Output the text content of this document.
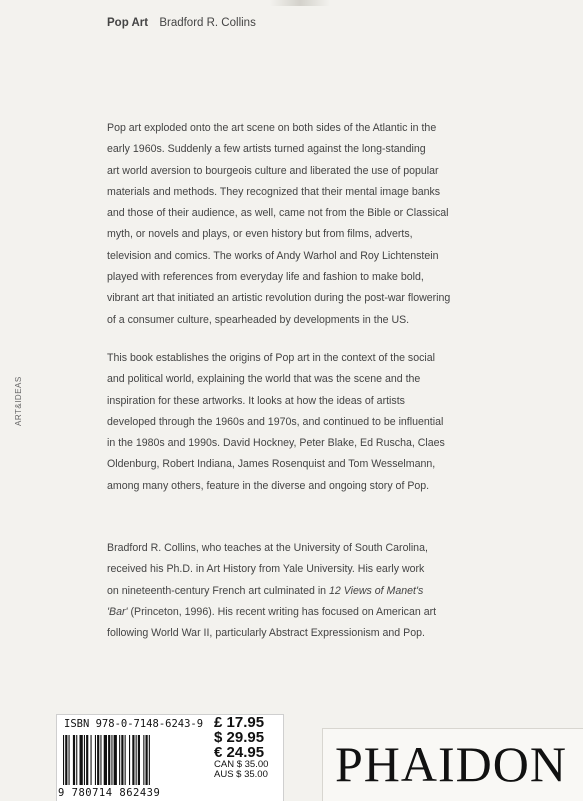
Pop Art Bradford R. Collins
ART&IDEAS
Pop art exploded onto the art scene on both sides of the Atlantic in the
early 1960s. Suddenly a few artists turned against the long-standing
art world aversion to bourgeois culture and liberated the use of popular
materials and methods. They recognized that their mental image banks
and those of their audience, as well, came not from the Bible or Classical
myth, or novels and plays, or even history but from films, adverts,
television and comics. The works of Andy Warhol and Roy Lichtenstein
played with references from everyday life and fashion to make bold,
vibrant art that initiated an artistic revolution during the post-war flowering
of a consumer culture, spearheaded by developments in the US.
This book establishes the origins of Pop art in the context of the social
and political world, explaining the world that was the scene and the
inspiration for these artworks. It looks at how the ideas of artists
developed through the 1960s and 1970s, and continued to be influential
in the 1980s and 1990s. David Hockney, Peter Blake, Ed Ruscha, Claes
Oldenburg, Robert Indiana, James Rosenquist and Tom Wesselmann,
among many others, feature in the diverse and ongoing story of Pop.
Bradford R. Collins, who teaches at the University of South Carolina,
received his Ph.D. in Art History from Yale University. His early work
on nineteenth-century French art culminated in 12 Views of Manet's
'Bar' (Princeton, 1996). His recent writing has focused on American art
following World War II, particularly Abstract Expressionism and Pop.
ISBN 978-0-7148-6243-9
9 780714 862439
£ 17.95
$ 29.95
€ 24.95
CAN $ 35.00
AUS $ 35.00 PHAIDON
